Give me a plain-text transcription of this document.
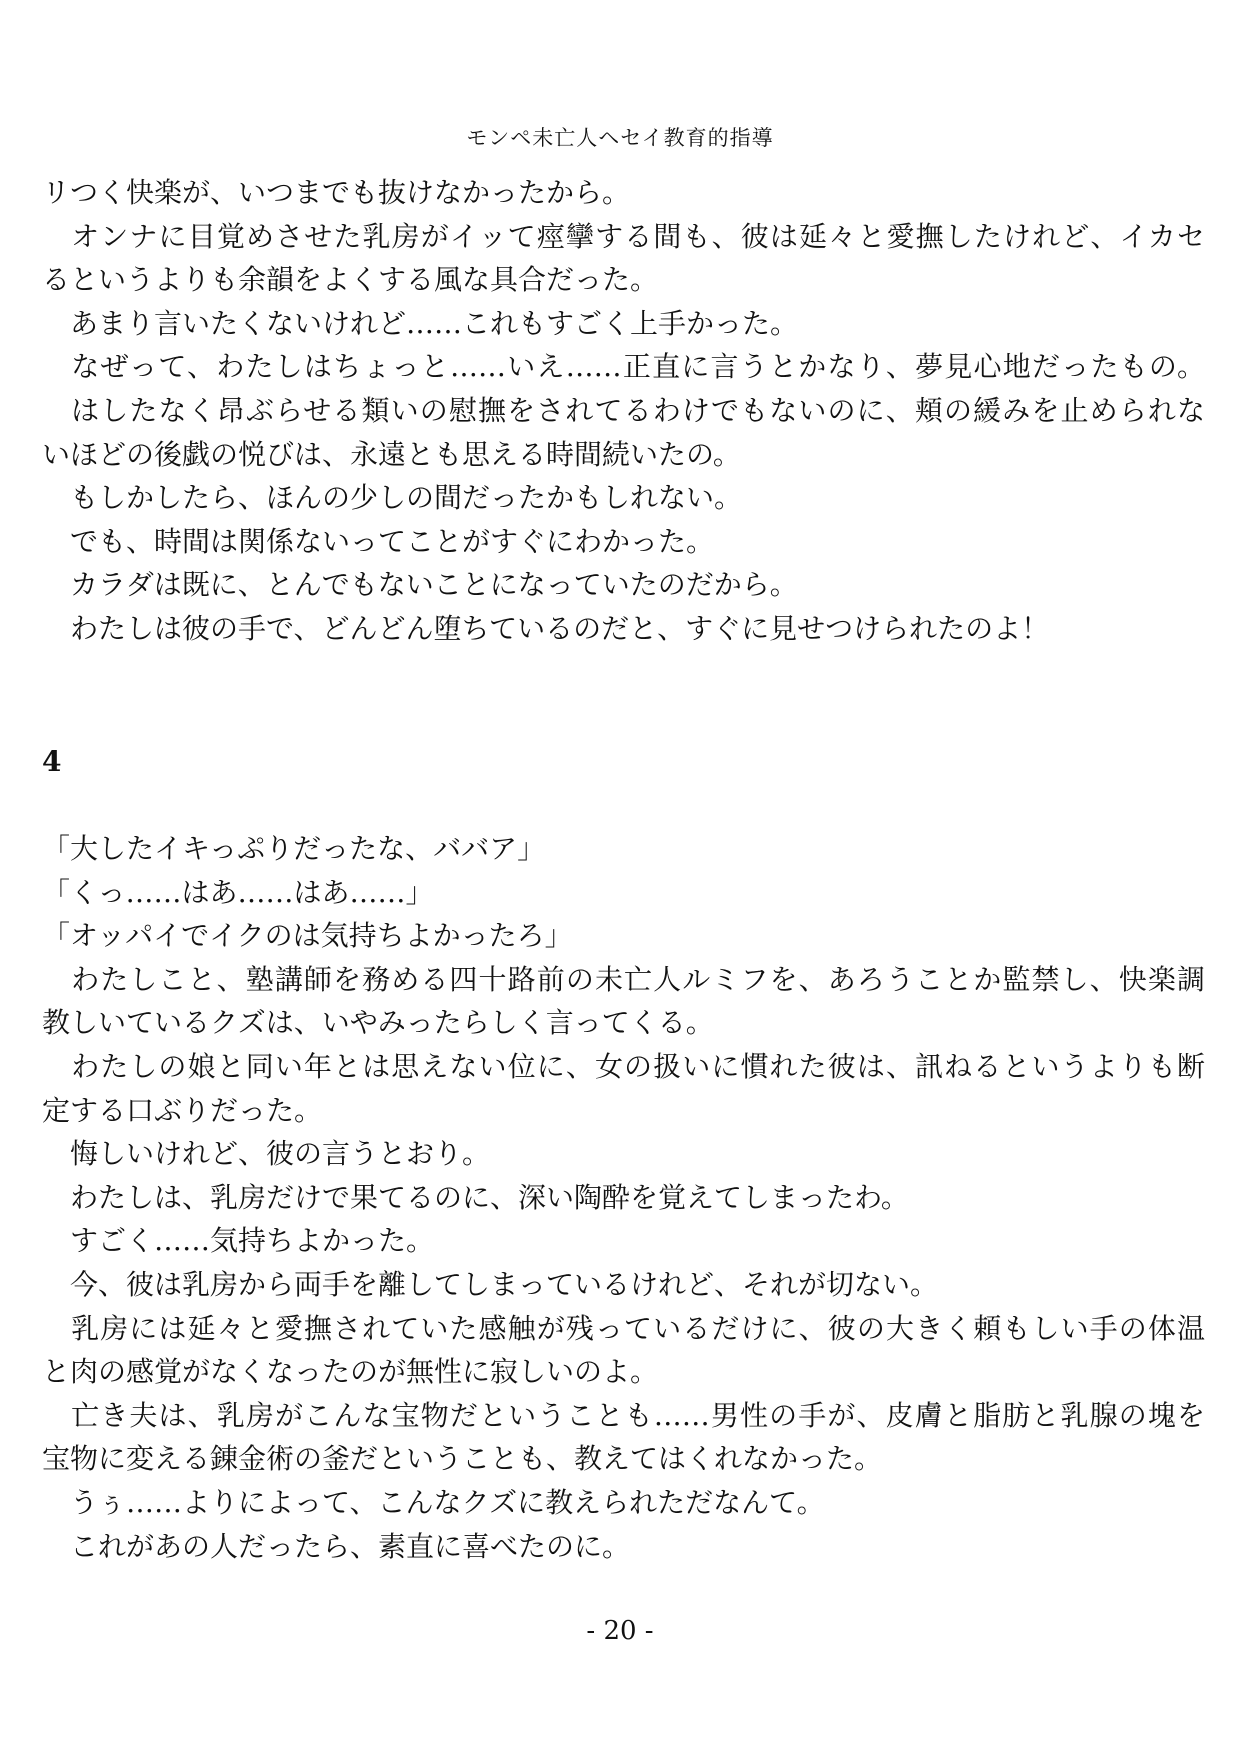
モンペ未亡人ヘセイ教育的指導
リつく快楽が、いつまでも抜けなかったから。
　オンナに目覚めさせた乳房がイッて痙攣する間も、彼は延々と愛撫したけれど、イカセ
るというよりも余韻をよくする風な具合だった。
　あまり言いたくないけれど……これもすごく上手かった。
　なぜって、わたしはちょっと……いえ……正直に言うとかなり、夢見心地だったもの。
　はしたなく昂ぶらせる類いの慰撫をされてるわけでもないのに、頬の緩みを止められな
いほどの後戯の悦びは、永遠とも思える時間続いたの。
　もしかしたら、ほんの少しの間だったかもしれない。
　でも、時間は関係ないってことがすぐにわかった。
　カラダは既に、とんでもないことになっていたのだから。
　わたしは彼の手で、どんどん堕ちているのだと、すぐに見せつけられたのよ！
4
「大したイキっぷりだったな、ババア」
「くっ……はあ……はあ……」
「オッパイでイクのは気持ちよかったろ」
　わたしこと、塾講師を務める四十路前の未亡人ルミフを、あろうことか監禁し、快楽調
教しいているクズは、いやみったらしく言ってくる。
　わたしの娘と同い年とは思えない位に、女の扱いに慣れた彼は、訊ねるというよりも断
定する口ぶりだった。
　悔しいけれど、彼の言うとおり。
　わたしは、乳房だけで果てるのに、深い陶酔を覚えてしまったわ。
　すごく……気持ちよかった。
　今、彼は乳房から両手を離してしまっているけれど、それが切ない。
　乳房には延々と愛撫されていた感触が残っているだけに、彼の大きく頼もしい手の体温
と肉の感覚がなくなったのが無性に寂しいのよ。
　亡き夫は、乳房がこんな宝物だということも……男性の手が、皮膚と脂肪と乳腺の塊を
宝物に変える錬金術の釜だということも、教えてはくれなかった。
　うぅ……よりによって、こんなクズに教えられただなんて。
　これがあの人だったら、素直に喜べたのに。
- 20 -
